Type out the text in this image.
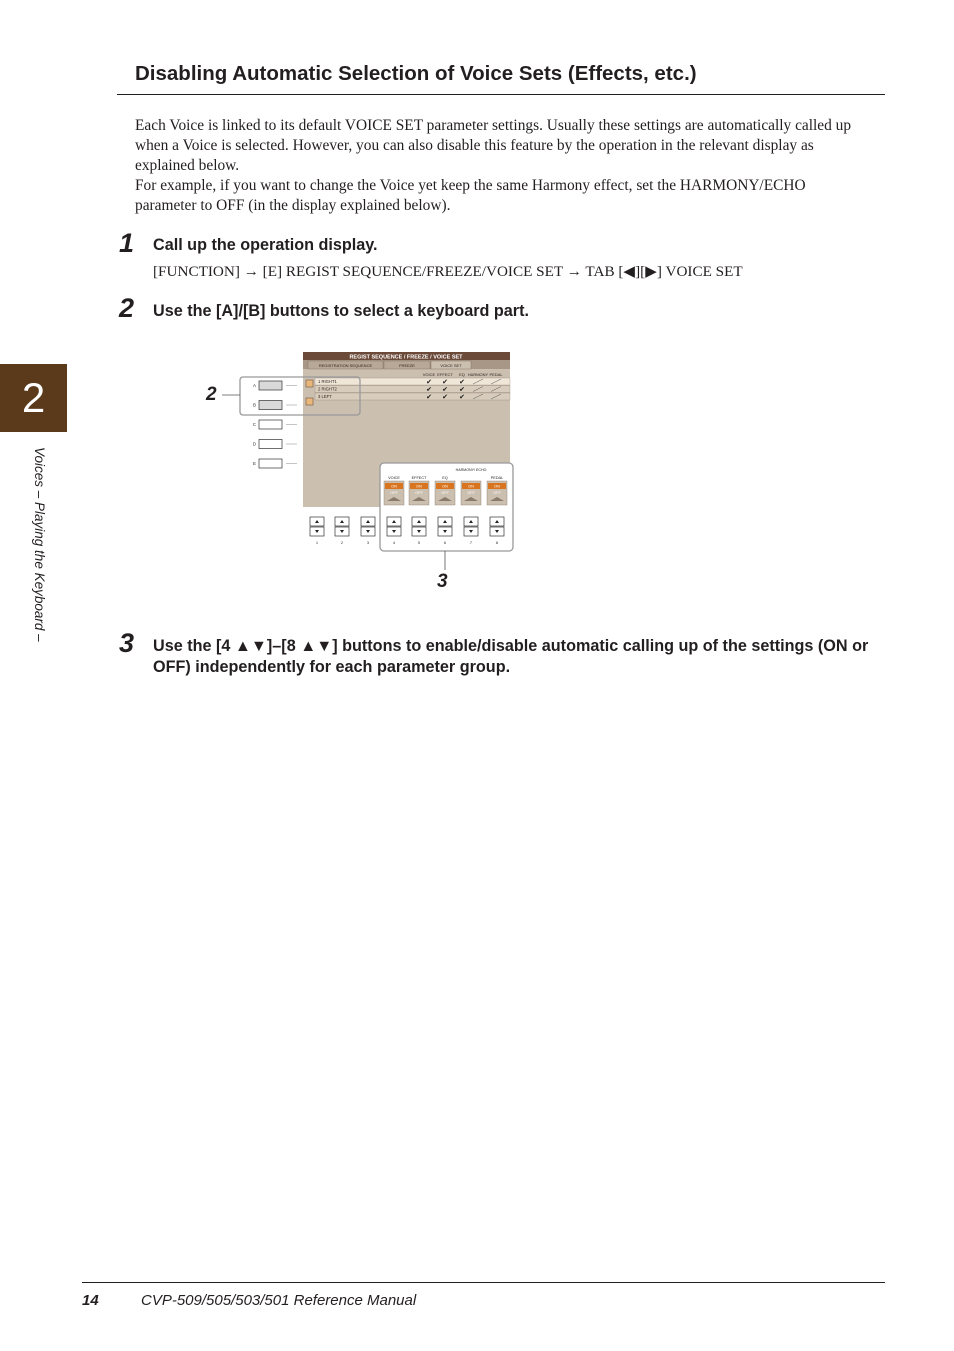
Disabling Automatic Selection of Voice Sets (Effects, etc.)

Each Voice is linked to its default VOICE SET parameter settings. Usually these settings are automatically called up when a Voice is selected. However, you can also disable this feature by the operation in the relevant display as explained below.

For example, if you want to change the Voice yet keep the same Harmony effect, set the HARMONY/ECHO parameter to OFF (in the display explained below).

1 Call up the operation display.

[FUNCTION] → [E] REGIST SEQUENCE/FREEZE/VOICE SET → TAB [◀][▶] VOICE SET

2 Use the [A]/[B] buttons to select a keyboard part.

REGIST SEQUENCE / FREEZE / VOICE SET
REGISTRATION SEQUENCE	FREEZE	VOICE SET
VOICE EFFECT EQ HARMONY PEDAL
1 RIGHT1	✔ ✔ ✔
2 RIGHT2	✔ ✔ ✔
3 LEFT	✔ ✔ ✔
A
B
C
D
E
VOICE
ON
OFF
EFFECT
ON
OFF
EQ
ON
OFF
HARMONY/ ECHO
ON
OFF
PEDAL
ON
OFF
1	2	3	4	5	6	7	8
2
3
3 Use the [4 ▲▼]–[8 ▲▼] buttons to enable/disable automatic calling up of the settings (ON or OFF) independently for each parameter group.

2
Voices – Playing the Keyboard –
14	CVP-509/505/503/501 Reference Manual
